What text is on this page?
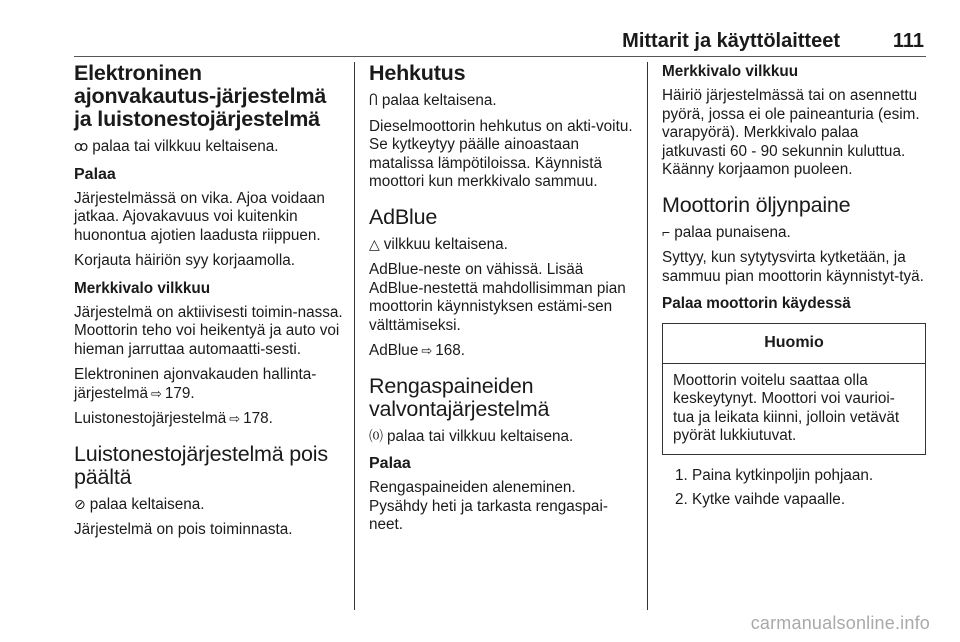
Mittarit ja käyttölaitteet	111
Elektroninen ajonvakautus-järjestelmä ja luistonestojärjestelmä

ꝏ palaa tai vilkkuu keltaisena.

Palaa

Järjestelmässä on vika. Ajoa voidaan jatkaa. Ajovakavuus voi kuitenkin huonontua ajotien laadusta riippuen.

Korjauta häiriön syy korjaamolla.

Merkkivalo vilkkuu

Järjestelmä on aktiivisesti toimin-nassa. Moottorin teho voi heikentyä ja auto voi hieman jarruttaa automaatti-sesti.

Elektroninen ajonvakauden hallinta-järjestelmä ⇨ 179.

Luistonestojärjestelmä ⇨ 178.

Luistonestojärjestelmä pois päältä

⊘ palaa keltaisena.

Järjestelmä on pois toiminnasta.

Hehkutus

Ⴖ palaa keltaisena.

Dieselmoottorin hehkutus on akti-voitu. Se kytkeytyy päälle ainoastaan matalissa lämpötiloissa. Käynnistä moottori kun merkkivalo sammuu.

AdBlue

△ vilkkuu keltaisena.

AdBlue-neste on vähissä. Lisää AdBlue-nestettä mahdollisimman pian moottorin käynnistyksen estämi-sen välttämiseksi.

AdBlue ⇨ 168.

Rengaspaineiden valvontajärjestelmä

⒪ palaa tai vilkkuu keltaisena.

Palaa

Rengaspaineiden aleneminen. Pysähdy heti ja tarkasta rengaspai-neet.

Merkkivalo vilkkuu

Häiriö järjestelmässä tai on asennettu pyörä, jossa ei ole paineanturia (esim. varapyörä). Merkkivalo palaa jatkuvasti 60 - 90 sekunnin kuluttua. Käänny korjaamon puoleen.

Moottorin öljynpaine

⌐ palaa punaisena.

Syttyy, kun sytytysvirta kytketään, ja sammuu pian moottorin käynnistyt-tyä.

Palaa moottorin käydessä
Huomio
Moottorin voitelu saattaa olla keskeytynyt. Moottori voi vaurioi-tua ja leikata kiinni, jolloin vetävät pyörät lukkiutuvat.
1. Paina kytkinpoljin pohjaan.
2. Kytke vaihde vapaalle.
carmanualsonline.info
